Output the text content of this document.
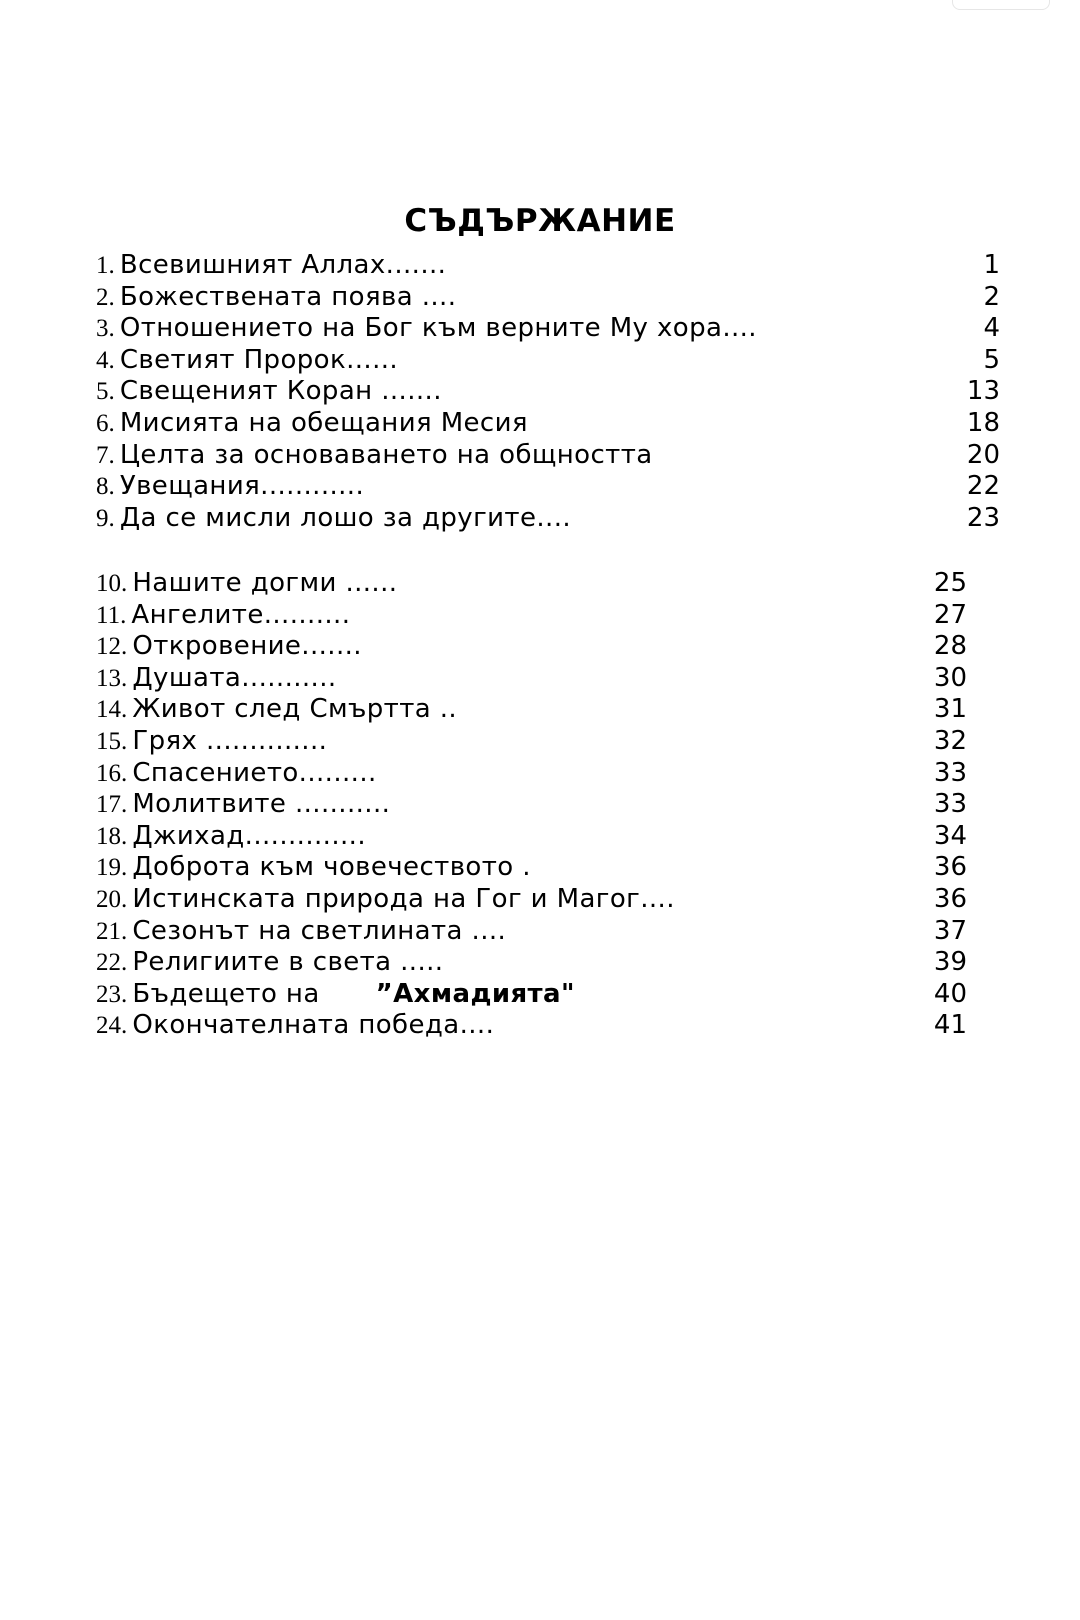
СЪДЪРЖАНИЕ
1. Всевишният Аллах.......	1
2. Божествената поява ....	2
3. Отношението на Бог към верните Му хора....	4
4. Светият Пророк......	5
5. Свещеният Коран .......	13
6. Мисията на обещания Месия	18
7. Целта за основаването на общността	20
8. Увещания............	22
9. Да се мисли лошо за другите....	23
10. Нашите догми ......	25
11. Ангелите..........	27
12. Откровение.......	28
13. Душата...........	30
14. Живот след Смъртта ..	31
15. Грях ..............	32
16. Спасението.........	33
17. Молитвите ...........	33
18. Джихад..............	34
19. Доброта към човечеството .	36
20. Истинската природа на Гог и Магог....	36
21. Сезонът на светлината ....	37
22. Религиите в света .....	39
23. Бъдещето на ”Ахмадията"	40
24. Окончателната победа....	41
